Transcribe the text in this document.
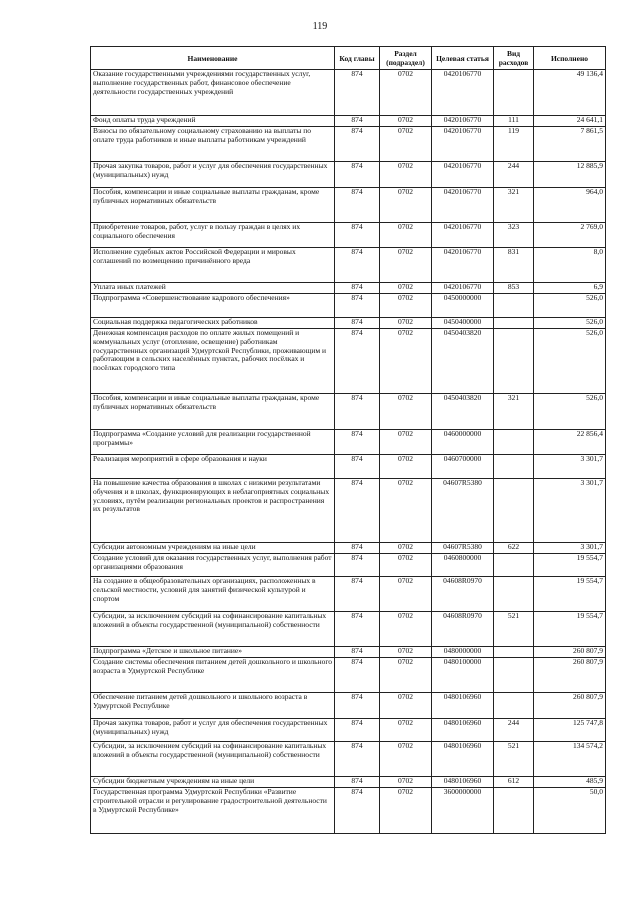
119
Наименование	Код главы	Раздел (подраздел)	Целевая статья	Вид расходов	Исполнено
Оказание государственными учреждениями государственных услуг, выполнение государственных работ, финансовое обеспечение деятельности государственных учреждений	874	0702	0420106770		49 136,4
Фонд оплаты труда учреждений	874	0702	0420106770	111	24 641,1
Взносы по обязательному социальному страхованию на выплаты по оплате труда работников и иные выплаты работникам учреждений	874	0702	0420106770	119	7 861,5
Прочая закупка товаров, работ и услуг для обеспечения государственных (муниципальных) нужд	874	0702	0420106770	244	12 885,9
Пособия, компенсации и иные социальные выплаты гражданам, кроме публичных нормативных обязательств	874	0702	0420106770	321	964,0
Приобретение товаров, работ, услуг в пользу граждан в целях их социального обеспечения	874	0702	0420106770	323	2 769,0
Исполнение судебных актов Российской Федерации и мировых соглашений по возмещению причинённого вреда	874	0702	0420106770	831	8,0
Уплата иных платежей	874	0702	0420106770	853	6,9
Подпрограмма «Совершенствование кадрового обеспечения»	874	0702	0450000000		526,0
Социальная поддержка педагогических работников	874	0702	0450400000		526,0
Денежная компенсация расходов по оплате жилых помещений и коммунальных услуг (отопление, освещение) работникам государственных организаций Удмуртской Республики, проживающим и работающим в сельских населённых пунктах, рабочих посёлках и посёлках городского типа	874	0702	0450403820		526,0
Пособия, компенсации и иные социальные выплаты гражданам, кроме публичных нормативных обязательств	874	0702	0450403820	321	526,0
Подпрограмма «Создание условий для реализации государственной программы»	874	0702	0460000000		22 856,4
Реализация мероприятий в сфере образования и науки	874	0702	0460700000		3 301,7
На повышение качества образования в школах с низкими результатами обучения и в школах, функционирующих в неблагоприятных социальных условиях, путём реализации региональных проектов и распространения их результатов	874	0702	04607R5380		3 301,7
Субсидии автономным учреждениям на иные цели	874	0702	04607R5380	622	3 301,7
Создание условий для оказания государственных услуг, выполнения работ организациями образования	874	0702	0460800000		19 554,7
На создание в общеобразовательных организациях, расположенных в сельской местности, условий для занятий физической культурой и спортом	874	0702	04608R0970		19 554,7
Субсидии, за исключением субсидий на софинансирование капитальных вложений в объекты государственной (муниципальной) собственности	874	0702	04608R0970	521	19 554,7
Подпрограмма «Детское и школьное питание»	874	0702	0480000000		260 807,9
Создание системы обеспечения питанием детей дошкольного и школьного возраста в Удмуртской Республике	874	0702	0480100000		260 807,9
Обеспечение питанием детей дошкольного и школьного возраста в Удмуртской Республике	874	0702	0480106960		260 807,9
Прочая закупка товаров, работ и услуг для обеспечения государственных (муниципальных) нужд	874	0702	0480106960	244	125 747,8
Субсидии, за исключением субсидий на софинансирование капитальных вложений в объекты государственной (муниципальной) собственности	874	0702	0480106960	521	134 574,2
Субсидии бюджетным учреждениям на иные цели	874	0702	0480106960	612	485,9
Государственная программа Удмуртской Республики «Развитие строительной отрасли и регулирование градостроительной деятельности в Удмуртской Республике»	874	0702	3600000000		50,0
